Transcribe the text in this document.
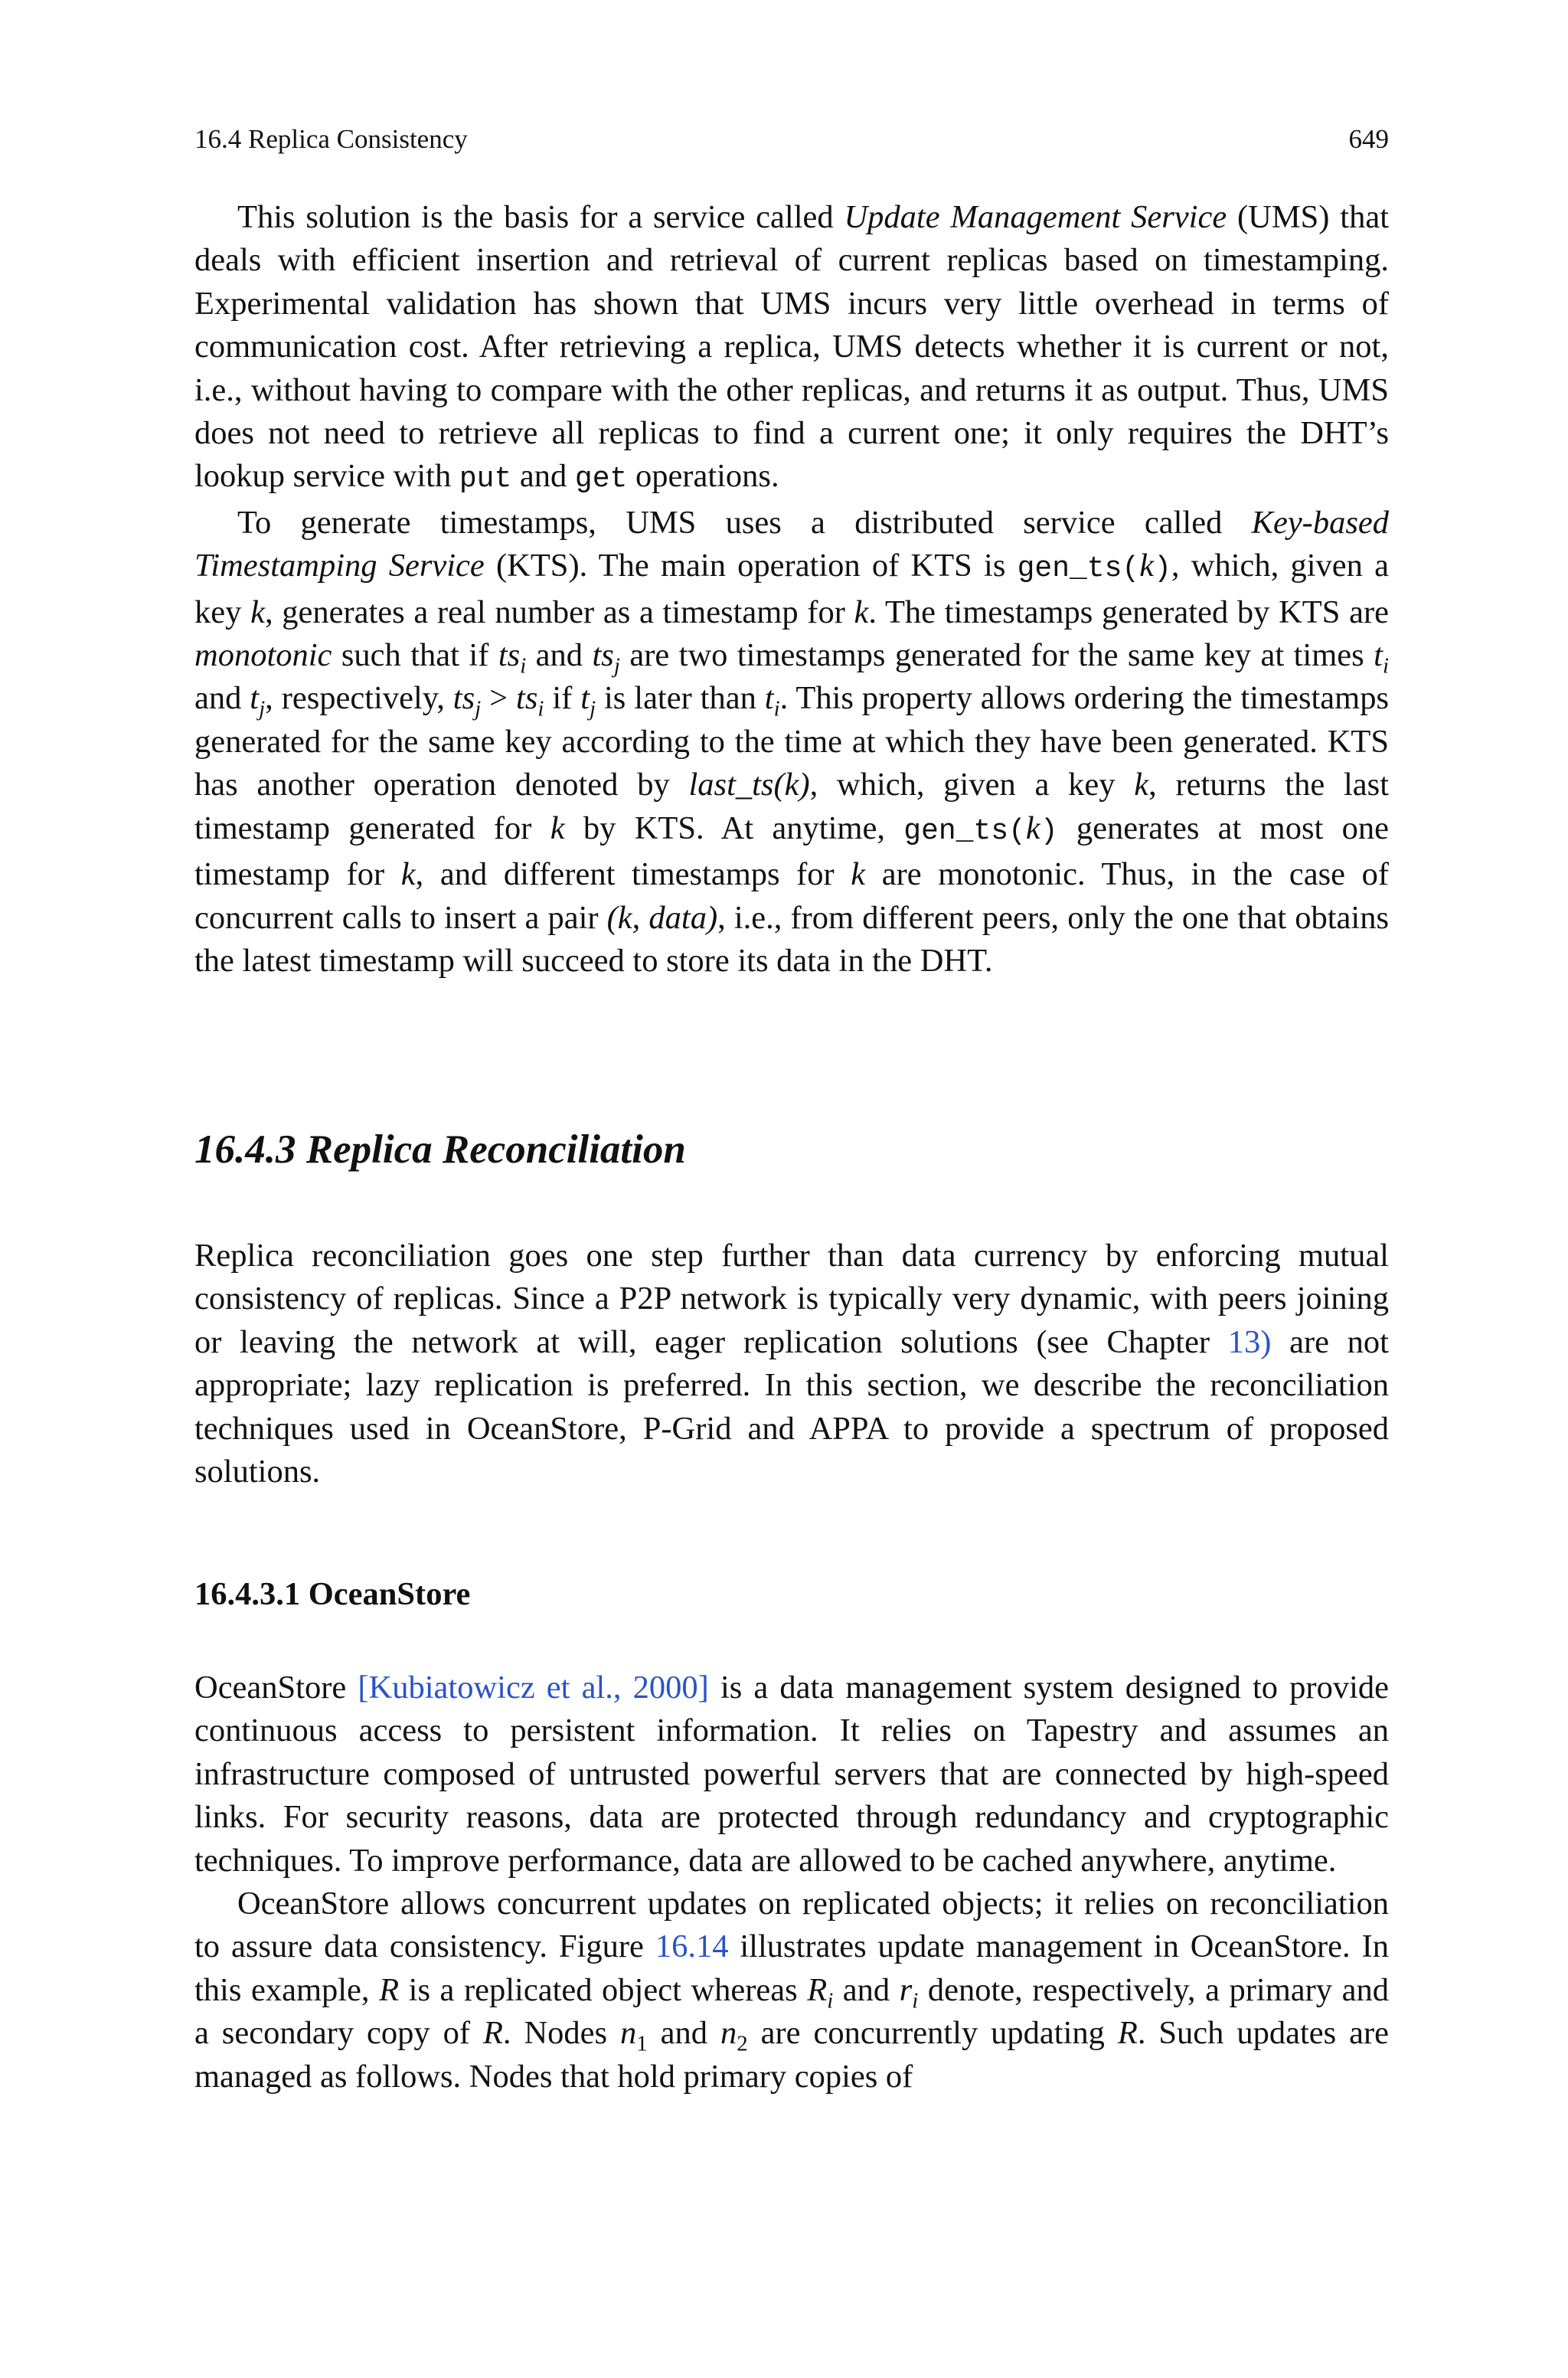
16.4 Replica Consistency	649

This solution is the basis for a service called Update Management Service (UMS) that deals with efficient insertion and retrieval of current replicas based on timestamping. Experimental validation has shown that UMS incurs very little overhead in terms of communication cost. After retrieving a replica, UMS detects whether it is current or not, i.e., without having to compare with the other replicas, and returns it as output. Thus, UMS does not need to retrieve all replicas to find a current one; it only requires the DHT’s lookup service with put and get operations.

To generate timestamps, UMS uses a distributed service called Key-based Timestamping Service (KTS). The main operation of KTS is gen_ts(k), which, given a key k, generates a real number as a timestamp for k. The timestamps generated by KTS are monotonic such that if $ts_i$ and $ts_j$ are two timestamps generated for the same key at times $t_i$ and $t_j$, respectively, $ts_j > ts_i$ if $t_j$ is later than $t_i$. This property allows ordering the timestamps generated for the same key according to the time at which they have been generated. KTS has another operation denoted by last_ts(k), which, given a key k, returns the last timestamp generated for k by KTS. At anytime, gen_ts(k) generates at most one timestamp for k, and different timestamps for k are monotonic. Thus, in the case of concurrent calls to insert a pair (k, data), i.e., from different peers, only the one that obtains the latest timestamp will succeed to store its data in the DHT.

16.4.3 Replica Reconciliation

Replica reconciliation goes one step further than data currency by enforcing mutual consistency of replicas. Since a P2P network is typically very dynamic, with peers joining or leaving the network at will, eager replication solutions (see Chapter 13) are not appropriate; lazy replication is preferred. In this section, we describe the reconciliation techniques used in OceanStore, P-Grid and APPA to provide a spectrum of proposed solutions.

16.4.3.1 OceanStore

OceanStore [Kubiatowicz et al., 2000] is a data management system designed to provide continuous access to persistent information. It relies on Tapestry and assumes an infrastructure composed of untrusted powerful servers that are connected by high-speed links. For security reasons, data are protected through redundancy and cryptographic techniques. To improve performance, data are allowed to be cached anywhere, anytime.

OceanStore allows concurrent updates on replicated objects; it relies on reconciliation to assure data consistency. Figure 16.14 illustrates update management in OceanStore. In this example, R is a replicated object whereas $R_i$ and $r_i$ denote, respectively, a primary and a secondary copy of R. Nodes $n_1$ and $n_2$ are concurrently updating R. Such updates are managed as follows. Nodes that hold primary copies of
